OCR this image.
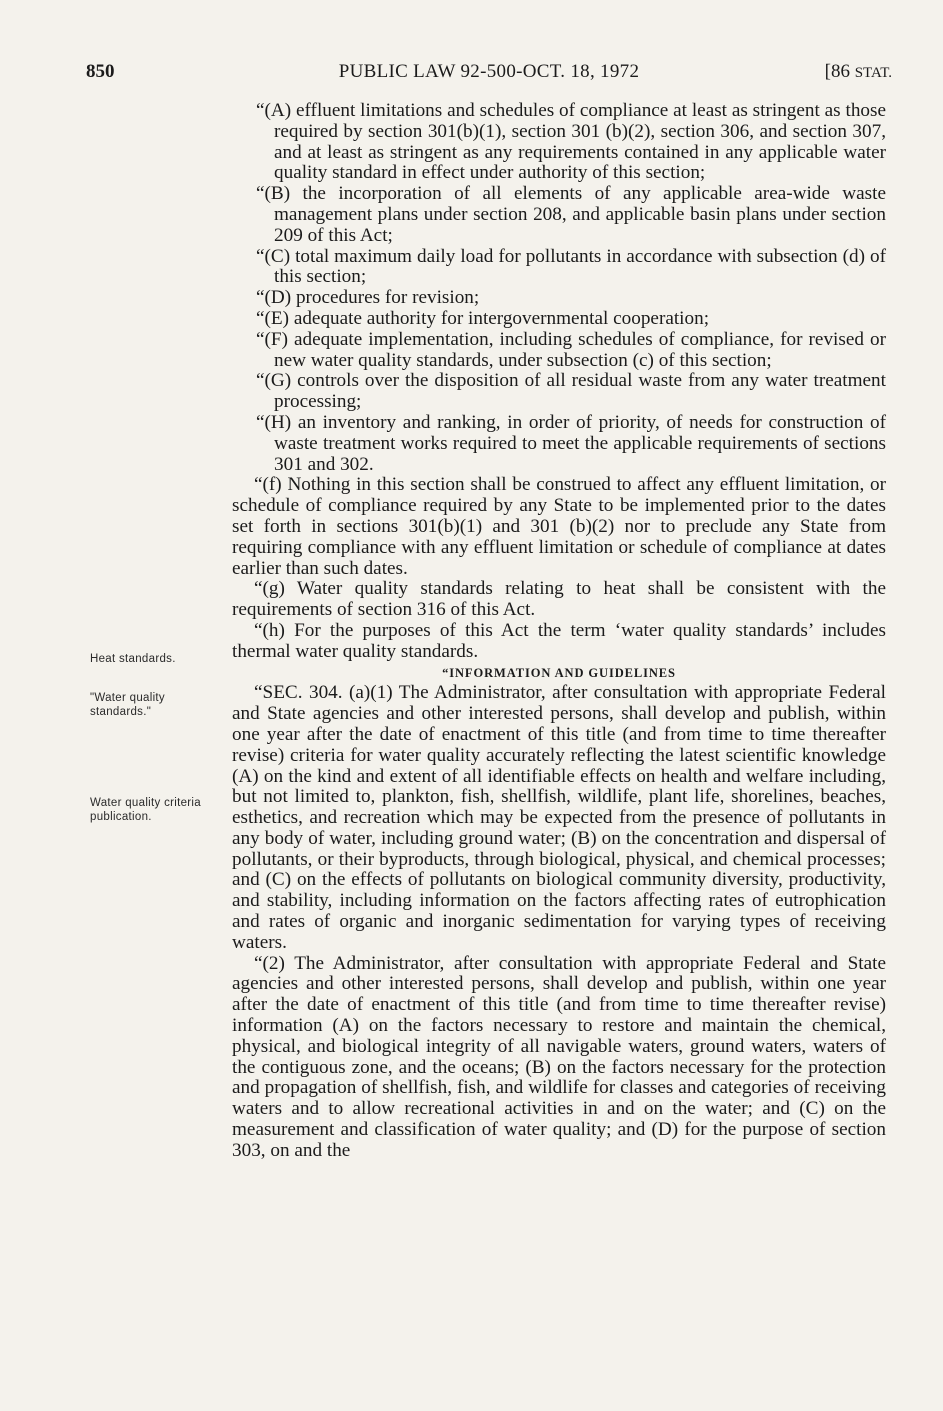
850	PUBLIC LAW 92-500-OCT. 18, 1972	[86 STAT.
Heat standards.
"Water quality standards."
Water quality criteria publication.

“(A) effluent limitations and schedules of compliance at least as stringent as those required by section 301(b)(1), section 301 (b)(2), section 306, and section 307, and at least as stringent as any requirements contained in any applicable water quality standard in effect under authority of this section;

“(B) the incorporation of all elements of any applicable area-wide waste management plans under section 208, and applicable basin plans under section 209 of this Act;

“(C) total maximum daily load for pollutants in accordance with subsection (d) of this section;

“(D) procedures for revision;

“(E) adequate authority for intergovernmental cooperation;

“(F) adequate implementation, including schedules of compliance, for revised or new water quality standards, under subsection (c) of this section;

“(G) controls over the disposition of all residual waste from any water treatment processing;

“(H) an inventory and ranking, in order of priority, of needs for construction of waste treatment works required to meet the applicable requirements of sections 301 and 302.

“(f) Nothing in this section shall be construed to affect any effluent limitation, or schedule of compliance required by any State to be implemented prior to the dates set forth in sections 301(b)(1) and 301 (b)(2) nor to preclude any State from requiring compliance with any effluent limitation or schedule of compliance at dates earlier than such dates.

“(g) Water quality standards relating to heat shall be consistent with the requirements of section 316 of this Act.

“(h) For the purposes of this Act the term ‘water quality standards’ includes thermal water quality standards.

“INFORMATION AND GUIDELINES

“SEC. 304. (a)(1) The Administrator, after consultation with appropriate Federal and State agencies and other interested persons, shall develop and publish, within one year after the date of enactment of this title (and from time to time thereafter revise) criteria for water quality accurately reflecting the latest scientific knowledge (A) on the kind and extent of all identifiable effects on health and welfare including, but not limited to, plankton, fish, shellfish, wildlife, plant life, shorelines, beaches, esthetics, and recreation which may be expected from the presence of pollutants in any body of water, including ground water; (B) on the concentration and dispersal of pollutants, or their byproducts, through biological, physical, and chemical processes; and (C) on the effects of pollutants on biological community diversity, productivity, and stability, including information on the factors affecting rates of eutrophication and rates of organic and inorganic sedimentation for varying types of receiving waters.

“(2) The Administrator, after consultation with appropriate Federal and State agencies and other interested persons, shall develop and publish, within one year after the date of enactment of this title (and from time to time thereafter revise) information (A) on the factors necessary to restore and maintain the chemical, physical, and biological integrity of all navigable waters, ground waters, waters of the contiguous zone, and the oceans; (B) on the factors necessary for the protection and propagation of shellfish, fish, and wildlife for classes and categories of receiving waters and to allow recreational activities in and on the water; and (C) on the measurement and classification of water quality; and (D) for the purpose of section 303, on and the
